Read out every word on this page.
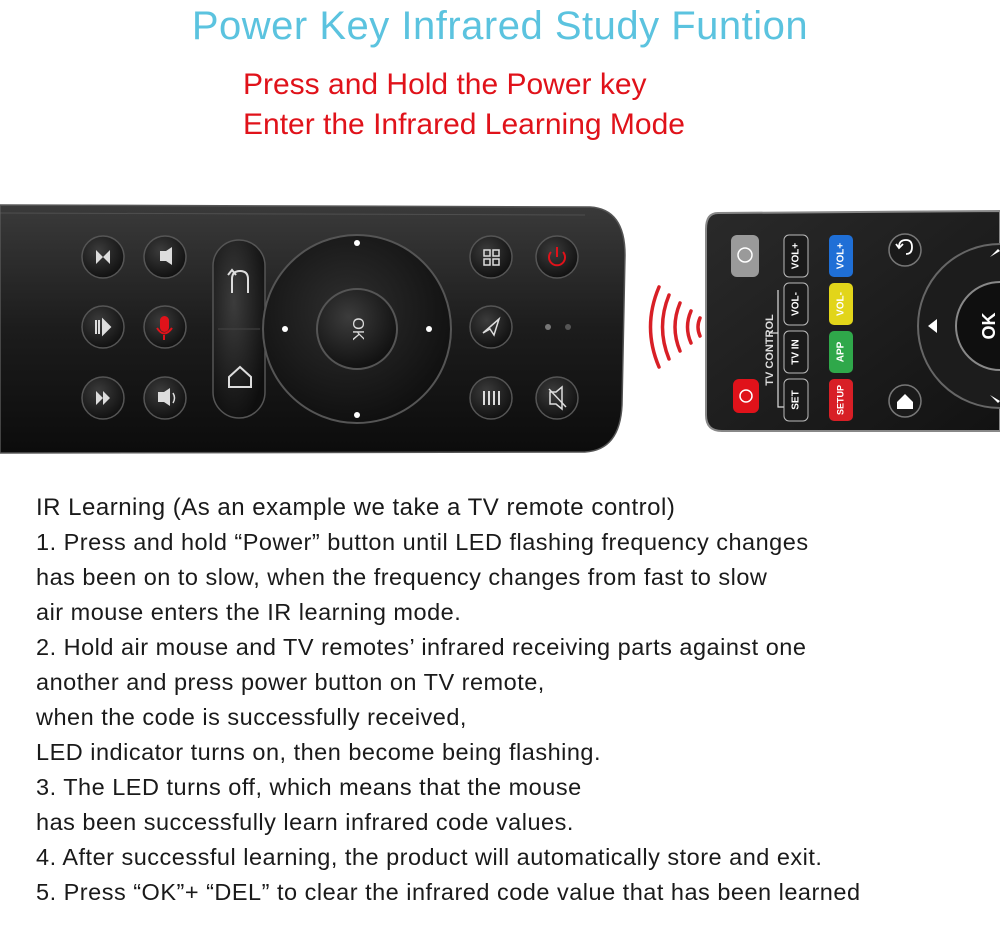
Power Key Infrared Study Funtion
Press and Hold the Power key
Enter the Infrared Learning Mode
OK	TV CONTROL
VOL+
VOL-
TV IN
SET
VOL+
VOL-
APP
SETUP
OK
IR Learning (As an example we take a TV remote control)
1. Press and hold “Power” button until LED flashing frequency changes
has been on to slow, when the frequency changes from fast to slow
air mouse enters the IR learning mode.
2. Hold air mouse and TV remotes’ infrared receiving parts against one
another and press power button on TV remote,
when the code is successfully received,
LED indicator turns on, then become being flashing.
3. The LED turns off, which means that the mouse
has been successfully learn infrared code values.
4. After successful learning, the product will automatically store and exit.
5. Press “OK”+ “DEL” to clear the infrared code value that has been learned
